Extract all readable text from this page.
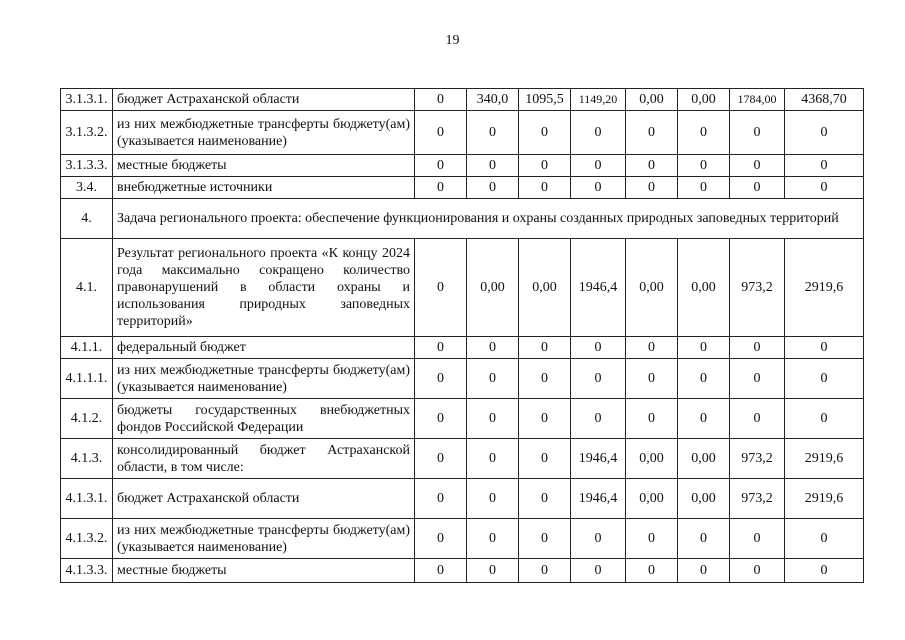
19
3.1.3.1.	бюджет Астраханской области	0	340,0	1095,5	1149,20	0,00	0,00	1784,00	4368,70
3.1.3.2.	из них межбюджетные трансферты бюджету(ам) (указывается наименование)	0	0	0	0	0	0	0	0
3.1.3.3.	местные бюджеты	0	0	0	0	0	0	0	0
3.4.	внебюджетные источники	0	0	0	0	0	0	0	0
4.	Задача регионального проекта: обеспечение функционирования и охраны созданных природных заповедных территорий								
4.1.	Результат регионального проекта «К концу 2024 года максимально сокращено количество правонарушений в области охраны и использования природных заповедных территорий»	0	0,00	0,00	1946,4	0,00	0,00	973,2	2919,6
4.1.1.	федеральный бюджет	0	0	0	0	0	0	0	0
4.1.1.1.	из них межбюджетные трансферты бюджету(ам) (указывается наименование)	0	0	0	0	0	0	0	0
4.1.2.	бюджеты государственных внебюджетных фондов Российской Федерации	0	0	0	0	0	0	0	0
4.1.3.	консолидированный бюджет Астраханской области, в том числе:	0	0	0	1946,4	0,00	0,00	973,2	2919,6
4.1.3.1.	бюджет Астраханской области	0	0	0	1946,4	0,00	0,00	973,2	2919,6
4.1.3.2.	из них межбюджетные трансферты бюджету(ам) (указывается наименование)	0	0	0	0	0	0	0	0
4.1.3.3.	местные бюджеты	0	0	0	0	0	0	0	0
